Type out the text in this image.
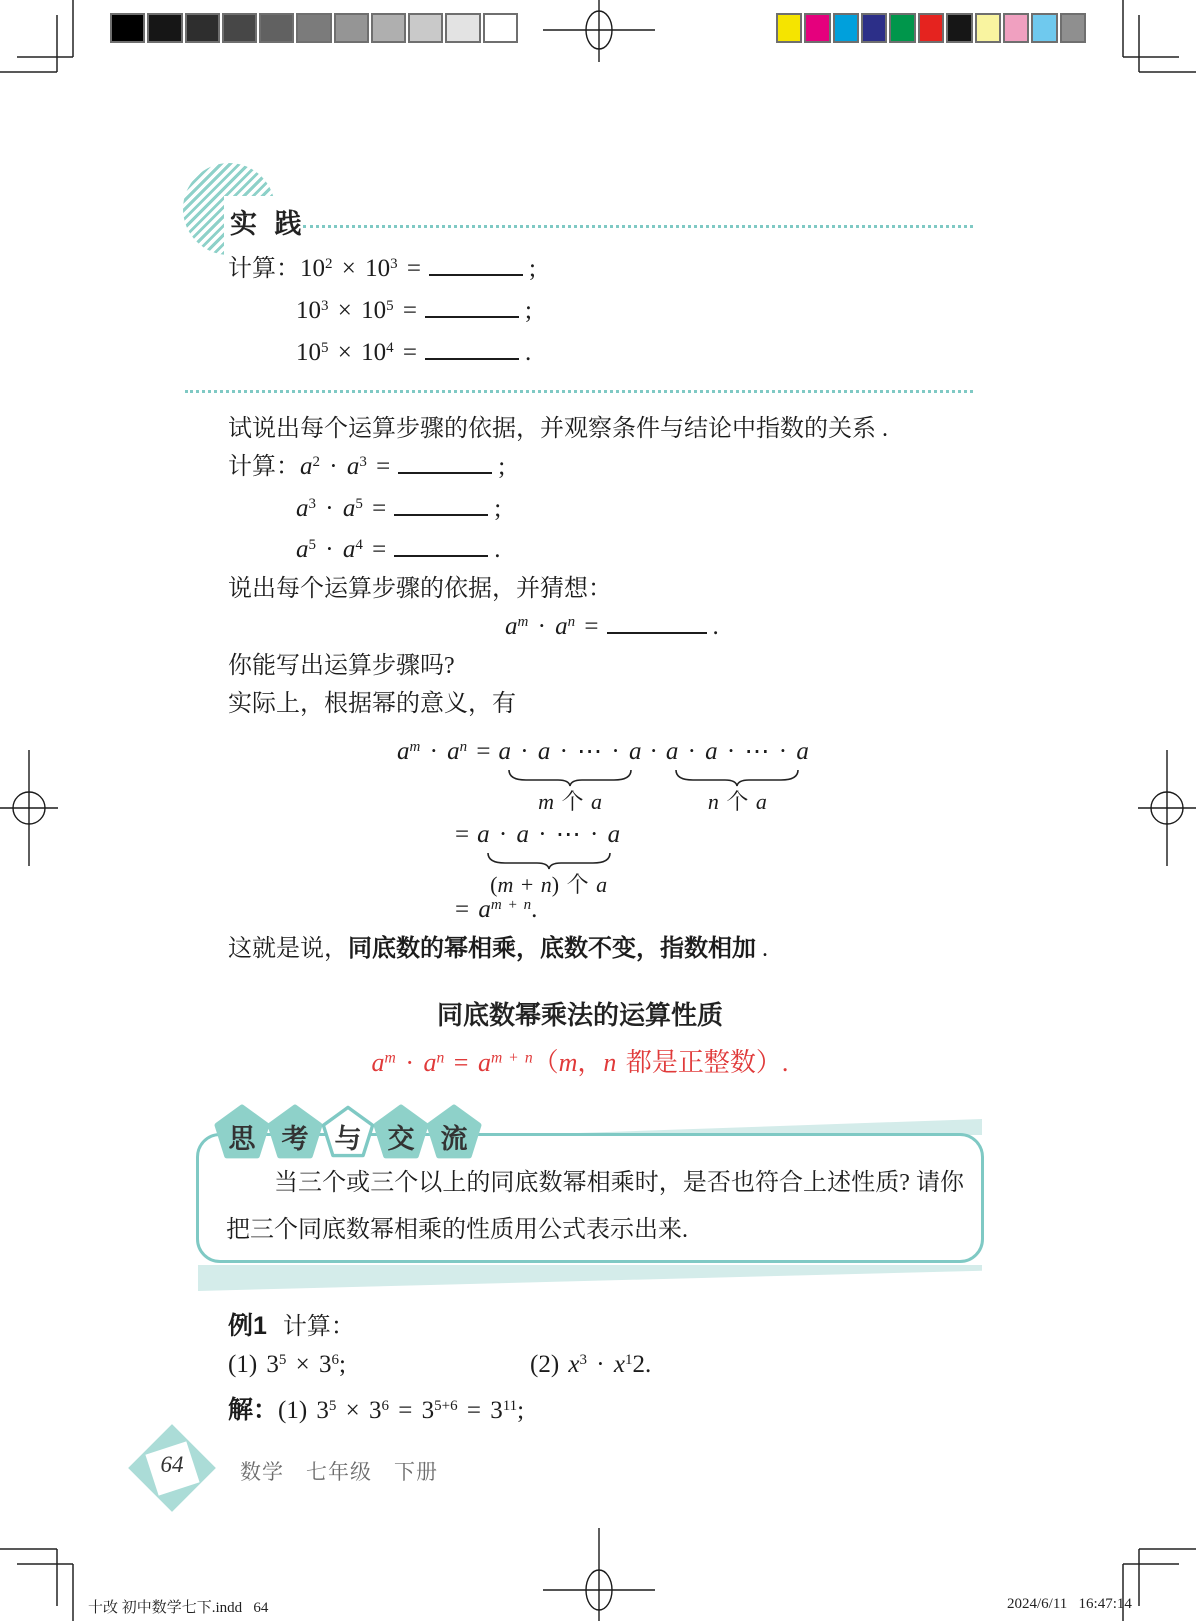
实 践
计算： $10^2 \times 10^3$ =	;
$10^3 \times 10^5$ =	;
$10^5 \times 10^4$ =	.
试说出每个运算步骤的依据，并观察条件与结论中指数的关系 .
计算： $a^2 \cdot a^3$ =	;
$a^3 \cdot a^5$ =	;
$a^5 \cdot a^4$ =	.
说出每个运算步骤的依据，并猜想：
$a^m \cdot a^n$ =	.
你能写出运算步骤吗?
实际上，根据幂的意义，有
$a^m \cdot a^n = a \cdot a$ · ⋯ · a
m 个 a
· a · a · ⋯ · a
n 个 a
= a · a · ⋯ · a
(m + n) 个 a
= $a^{m + n}$.
这就是说，同底数的幂相乘，底数不变，指数相加 .
同底数幂乘法的运算性质
$a^m \cdot a^n = a^{m + n}(m$，n 都是正整数）.
思 考 与 交 流
当三个或三个以上的同底数幂相乘时，是否也符合上述性质? 请你把三个同底数幂相乘的性质用公式表示出来.
例1 计算：
(1) $3^5 \times 3^6$;	(2) $x^3 \cdot x^12$.
解： (1) $3^5 \times 3^6 = 3^{5+6} = 3^{11}$;
64	数学　七年级　下册
十改 初中数学七下.indd   64	2024/6/11   16:47:14
